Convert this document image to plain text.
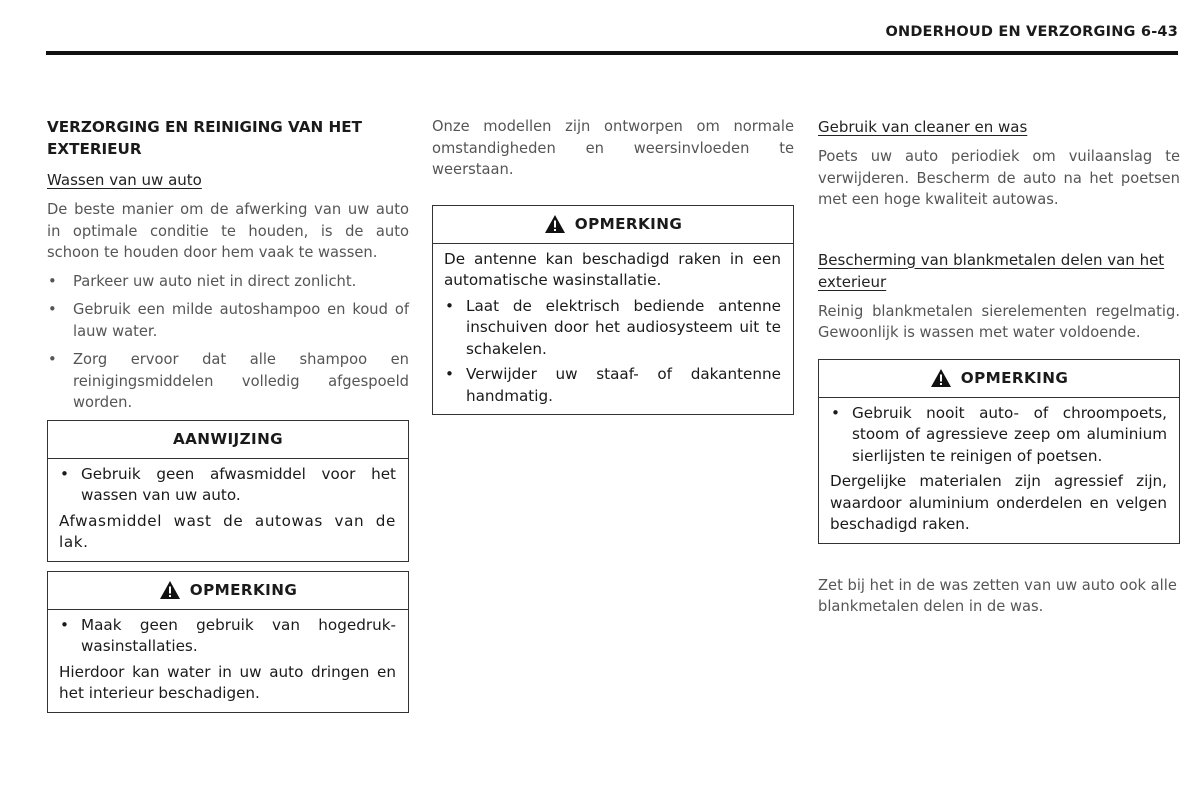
ONDERHOUD EN VERZORGING 6-43
VERZORGING EN REINIGING VAN HET EXTERIEUR
Wassen van uw auto
De beste manier om de afwerking van uw auto in optimale conditie te houden, is de auto schoon te houden door hem vaak te wassen.
• Parkeer uw auto niet in direct zonlicht.
• Gebruik een milde autoshampoo en koud of lauw water.
• Zorg ervoor dat alle shampoo en reinigingsmiddelen volledig afgespoeld worden.
AANWIJZING
• Gebruik geen afwasmiddel voor het wassen van uw auto.
Afwasmiddel wast de autowas van de lak.
OPMERKING
• Maak geen gebruik van hogedruk-wasinstallaties.
Hierdoor kan water in uw auto dringen en het interieur beschadigen.
Onze modellen zijn ontworpen om normale omstandigheden en weersinvloeden te weerstaan.
OPMERKING
De antenne kan beschadigd raken in een automatische wasinstallatie.
• Laat de elektrisch bediende antenne inschuiven door het audiosysteem uit te schakelen.
• Verwijder uw staaf- of dakantenne handmatig.
Gebruik van cleaner en was
Poets uw auto periodiek om vuilaanslag te verwijderen. Bescherm de auto na het poetsen met een hoge kwaliteit autowas.
Bescherming van blankmetalen delen van het exterieur
Reinig blankmetalen sierelementen regelmatig. Gewoonlijk is wassen met water voldoende.
OPMERKING
• Gebruik nooit auto- of chroompoets, stoom of agressieve zeep om aluminium sierlijsten te reinigen of poetsen.
Dergelijke materialen zijn agressief zijn, waardoor aluminium onderdelen en velgen beschadigd raken.
Zet bij het in de was zetten van uw auto ook alle blankmetalen delen in de was.
